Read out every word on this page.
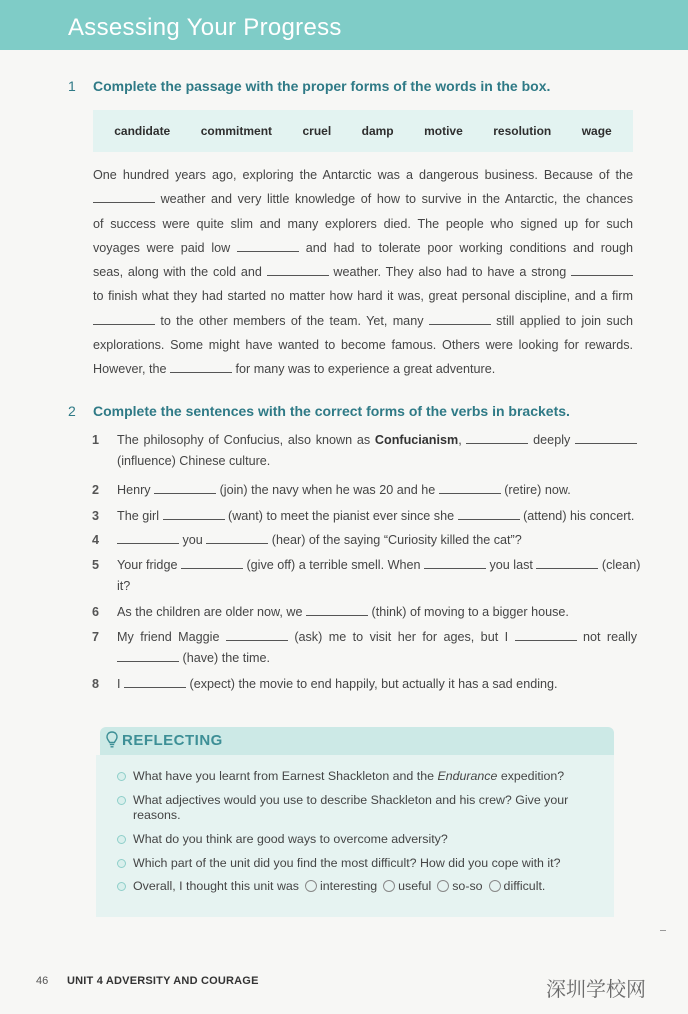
Assessing Your Progress
1 Complete the passage with the proper forms of the words in the box.
candidate	commitment	cruel	damp	motive	resolution	wage
One hundred years ago, exploring the Antarctic was a dangerous business. Because of the
weather and very little knowledge of how to survive in the Antarctic, the chances
of success were quite slim and many explorers died. The people who signed up for such
voyages were paid low	and had to tolerate poor working conditions and rough
seas, along with the cold and	weather. They also had to have a strong
to finish what they had started no matter how hard it was, great personal discipline, and a firm
to the other members of the team. Yet, many	still applied to join such
explorations. Some might have wanted to become famous. Others were looking for rewards.
However, the	for many was to experience a great adventure.
2 Complete the sentences with the correct forms of the verbs in brackets.
1	The philosophy of Confucius, also known as Confucianism,	deeply
(influence) Chinese culture.
2	Henry	(join) the navy when he was 20 and he	(retire) now.
3	The girl	(want) to meet the pianist ever since she	(attend) his concert.
4	you	(hear) of the saying “Curiosity killed the cat”?
5	Your fridge	(give off) a terrible smell. When	you last	(clean)
it?
6	As the children are older now, we	(think) of moving to a bigger house.
7	My friend Maggie	(ask) me to visit her for ages, but I	not really
(have) the time.
8	I	(expect) the movie to end happily, but actually it has a sad ending.
REFLECTING
What have you learnt from Earnest Shackleton and the Endurance expedition?
What adjectives would you use to describe Shackleton and his crew? Give your reasons.
What do you think are good ways to overcome adversity?
Which part of the unit did you find the most difficult? How did you cope with it?
Overall, I thought this unit was interesting useful so-so difficult.
46 UNIT 4 ADVERSITY AND COURAGE	深圳学校网
